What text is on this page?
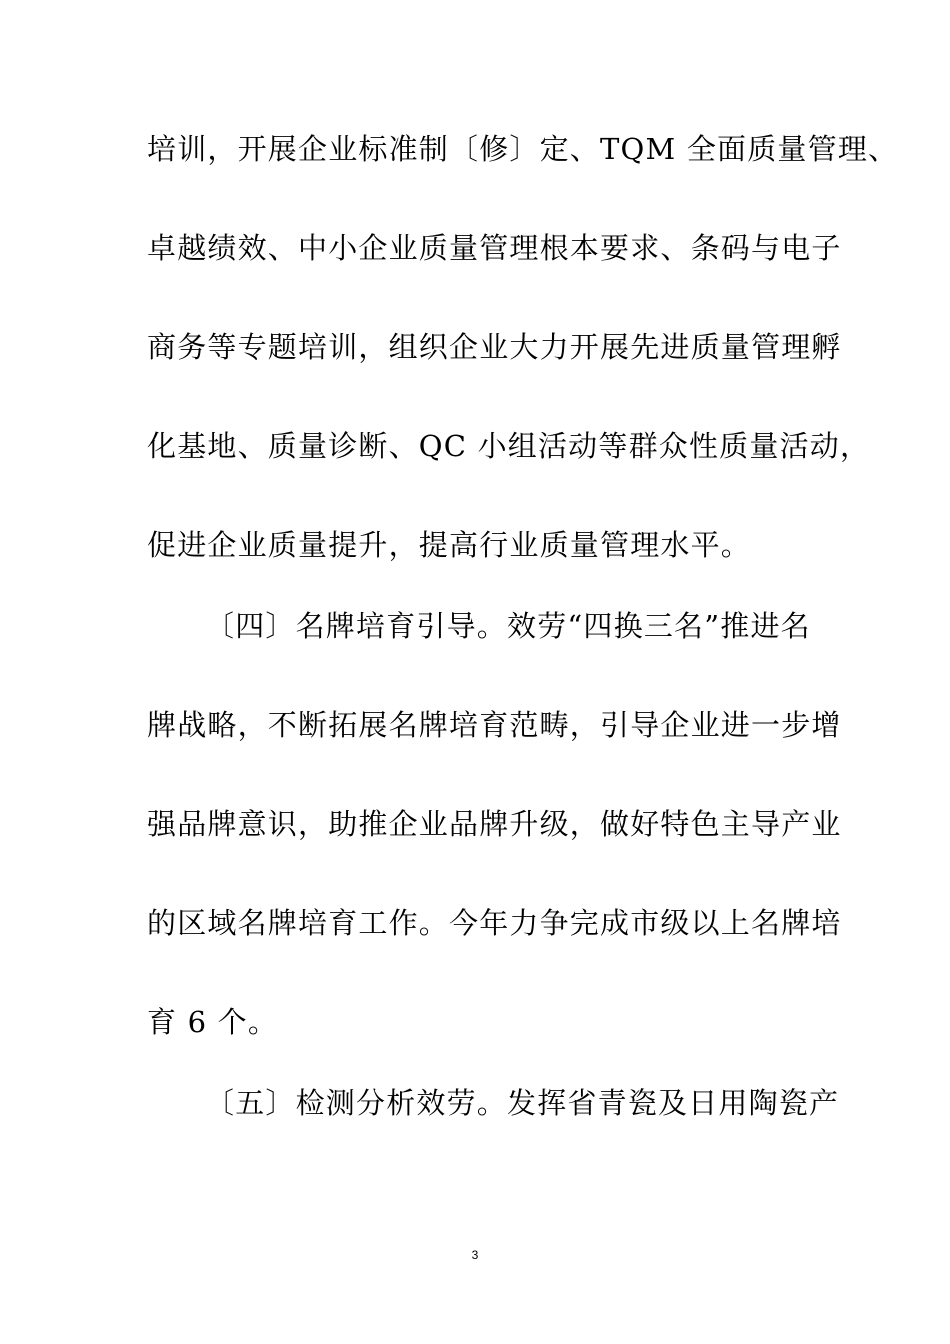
培训，开展企业标准制〔修〕定、TQM 全面质量管理、
卓越绩效、中小企业质量管理根本要求、条码与电子
商务等专题培训，组织企业大力开展先进质量管理孵
化基地、质量诊断、QC 小组活动等群众性质量活动，
促进企业质量提升，提高行业质量管理水平。
〔四〕名牌培育引导。效劳“四换三名”推进名
牌战略，不断拓展名牌培育范畴，引导企业进一步增
强品牌意识，助推企业品牌升级，做好特色主导产业
的区域名牌培育工作。今年力争完成市级以上名牌培
育 6 个。
〔五〕检测分析效劳。发挥省青瓷及日用陶瓷产
3
